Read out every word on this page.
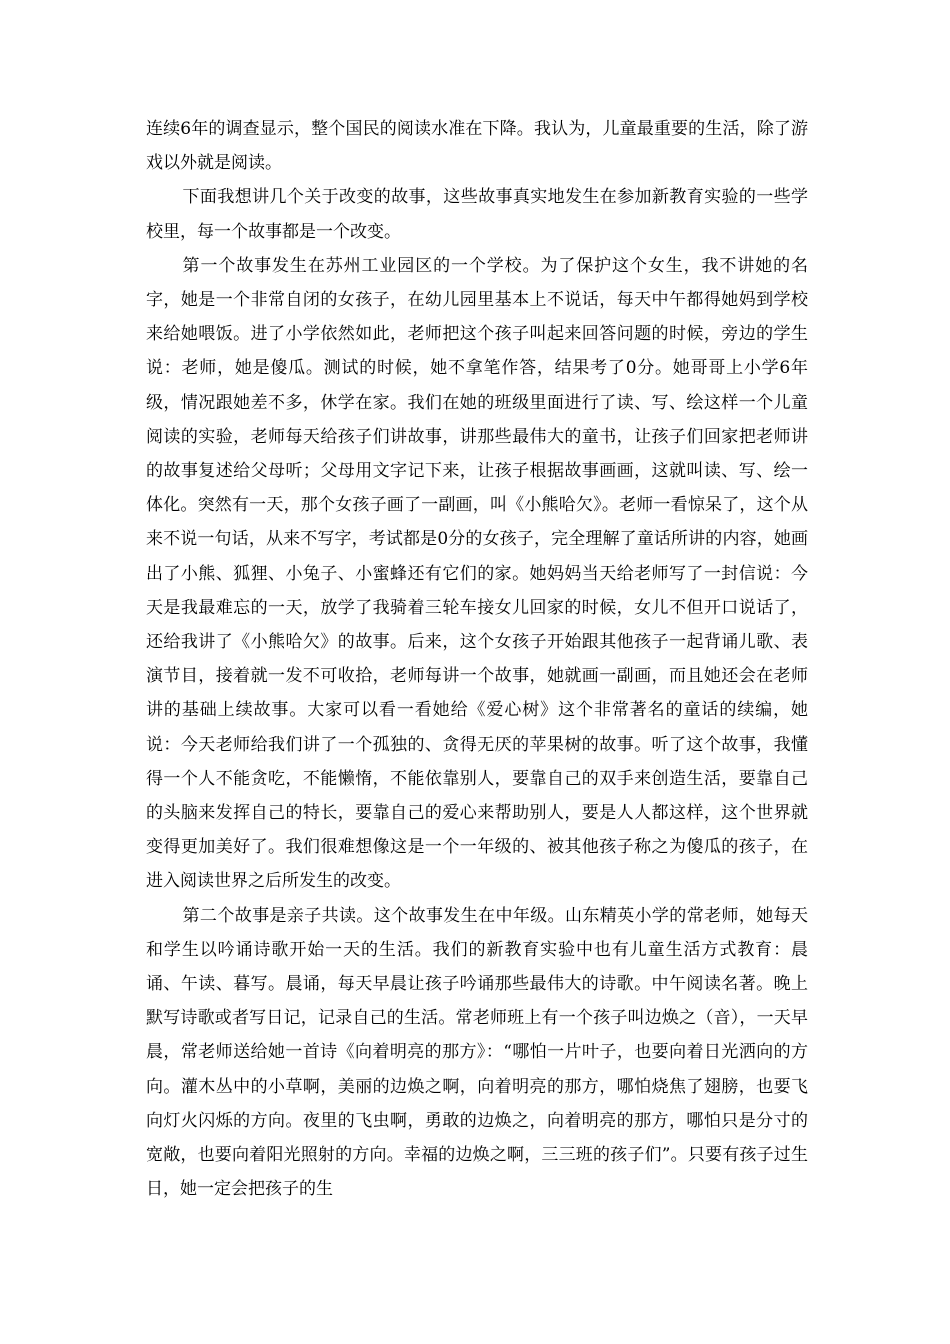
连续6年的调查显示，整个国民的阅读水准在下降。我认为，儿童最重要的生活，除了游戏以外就是阅读。

下面我想讲几个关于改变的故事，这些故事真实地发生在参加新教育实验的一些学校里，每一个故事都是一个改变。

第一个故事发生在苏州工业园区的一个学校。为了保护这个女生，我不讲她的名字，她是一个非常自闭的女孩子，在幼儿园里基本上不说话，每天中午都得她妈到学校来给她喂饭。进了小学依然如此，老师把这个孩子叫起来回答问题的时候，旁边的学生说：老师，她是傻瓜。测试的时候，她不拿笔作答，结果考了0分。她哥哥上小学6年级，情况跟她差不多，休学在家。我们在她的班级里面进行了读、写、绘这样一个儿童阅读的实验，老师每天给孩子们讲故事，讲那些最伟大的童书，让孩子们回家把老师讲的故事复述给父母听；父母用文字记下来，让孩子根据故事画画，这就叫读、写、绘一体化。突然有一天，那个女孩子画了一副画，叫《小熊哈欠》。老师一看惊呆了，这个从来不说一句话，从来不写字，考试都是0分的女孩子，完全理解了童话所讲的内容，她画出了小熊、狐狸、小兔子、小蜜蜂还有它们的家。她妈妈当天给老师写了一封信说：今天是我最难忘的一天，放学了我骑着三轮车接女儿回家的时候，女儿不但开口说话了，还给我讲了《小熊哈欠》的故事。后来，这个女孩子开始跟其他孩子一起背诵儿歌、表演节目，接着就一发不可收拾，老师每讲一个故事，她就画一副画，而且她还会在老师讲的基础上续故事。大家可以看一看她给《爱心树》这个非常著名的童话的续编，她说：今天老师给我们讲了一个孤独的、贪得无厌的苹果树的故事。听了这个故事，我懂得一个人不能贪吃，不能懒惰，不能依靠别人，要靠自己的双手来创造生活，要靠自己的头脑来发挥自己的特长，要靠自己的爱心来帮助别人，要是人人都这样，这个世界就变得更加美好了。我们很难想像这是一个一年级的、被其他孩子称之为傻瓜的孩子，在进入阅读世界之后所发生的改变。

第二个故事是亲子共读。这个故事发生在中年级。山东精英小学的常老师，她每天和学生以吟诵诗歌开始一天的生活。我们的新教育实验中也有儿童生活方式教育：晨诵、午读、暮写。晨诵，每天早晨让孩子吟诵那些最伟大的诗歌。中午阅读名著。晚上默写诗歌或者写日记，记录自己的生活。常老师班上有一个孩子叫边焕之（音），一天早晨，常老师送给她一首诗《向着明亮的那方》：“哪怕一片叶子，也要向着日光洒向的方向。灌木丛中的小草啊，美丽的边焕之啊，向着明亮的那方，哪怕烧焦了翅膀，也要飞向灯火闪烁的方向。夜里的飞虫啊，勇敢的边焕之，向着明亮的那方，哪怕只是分寸的宽敞，也要向着阳光照射的方向。幸福的边焕之啊，三三班的孩子们”。只要有孩子过生日，她一定会把孩子的生
